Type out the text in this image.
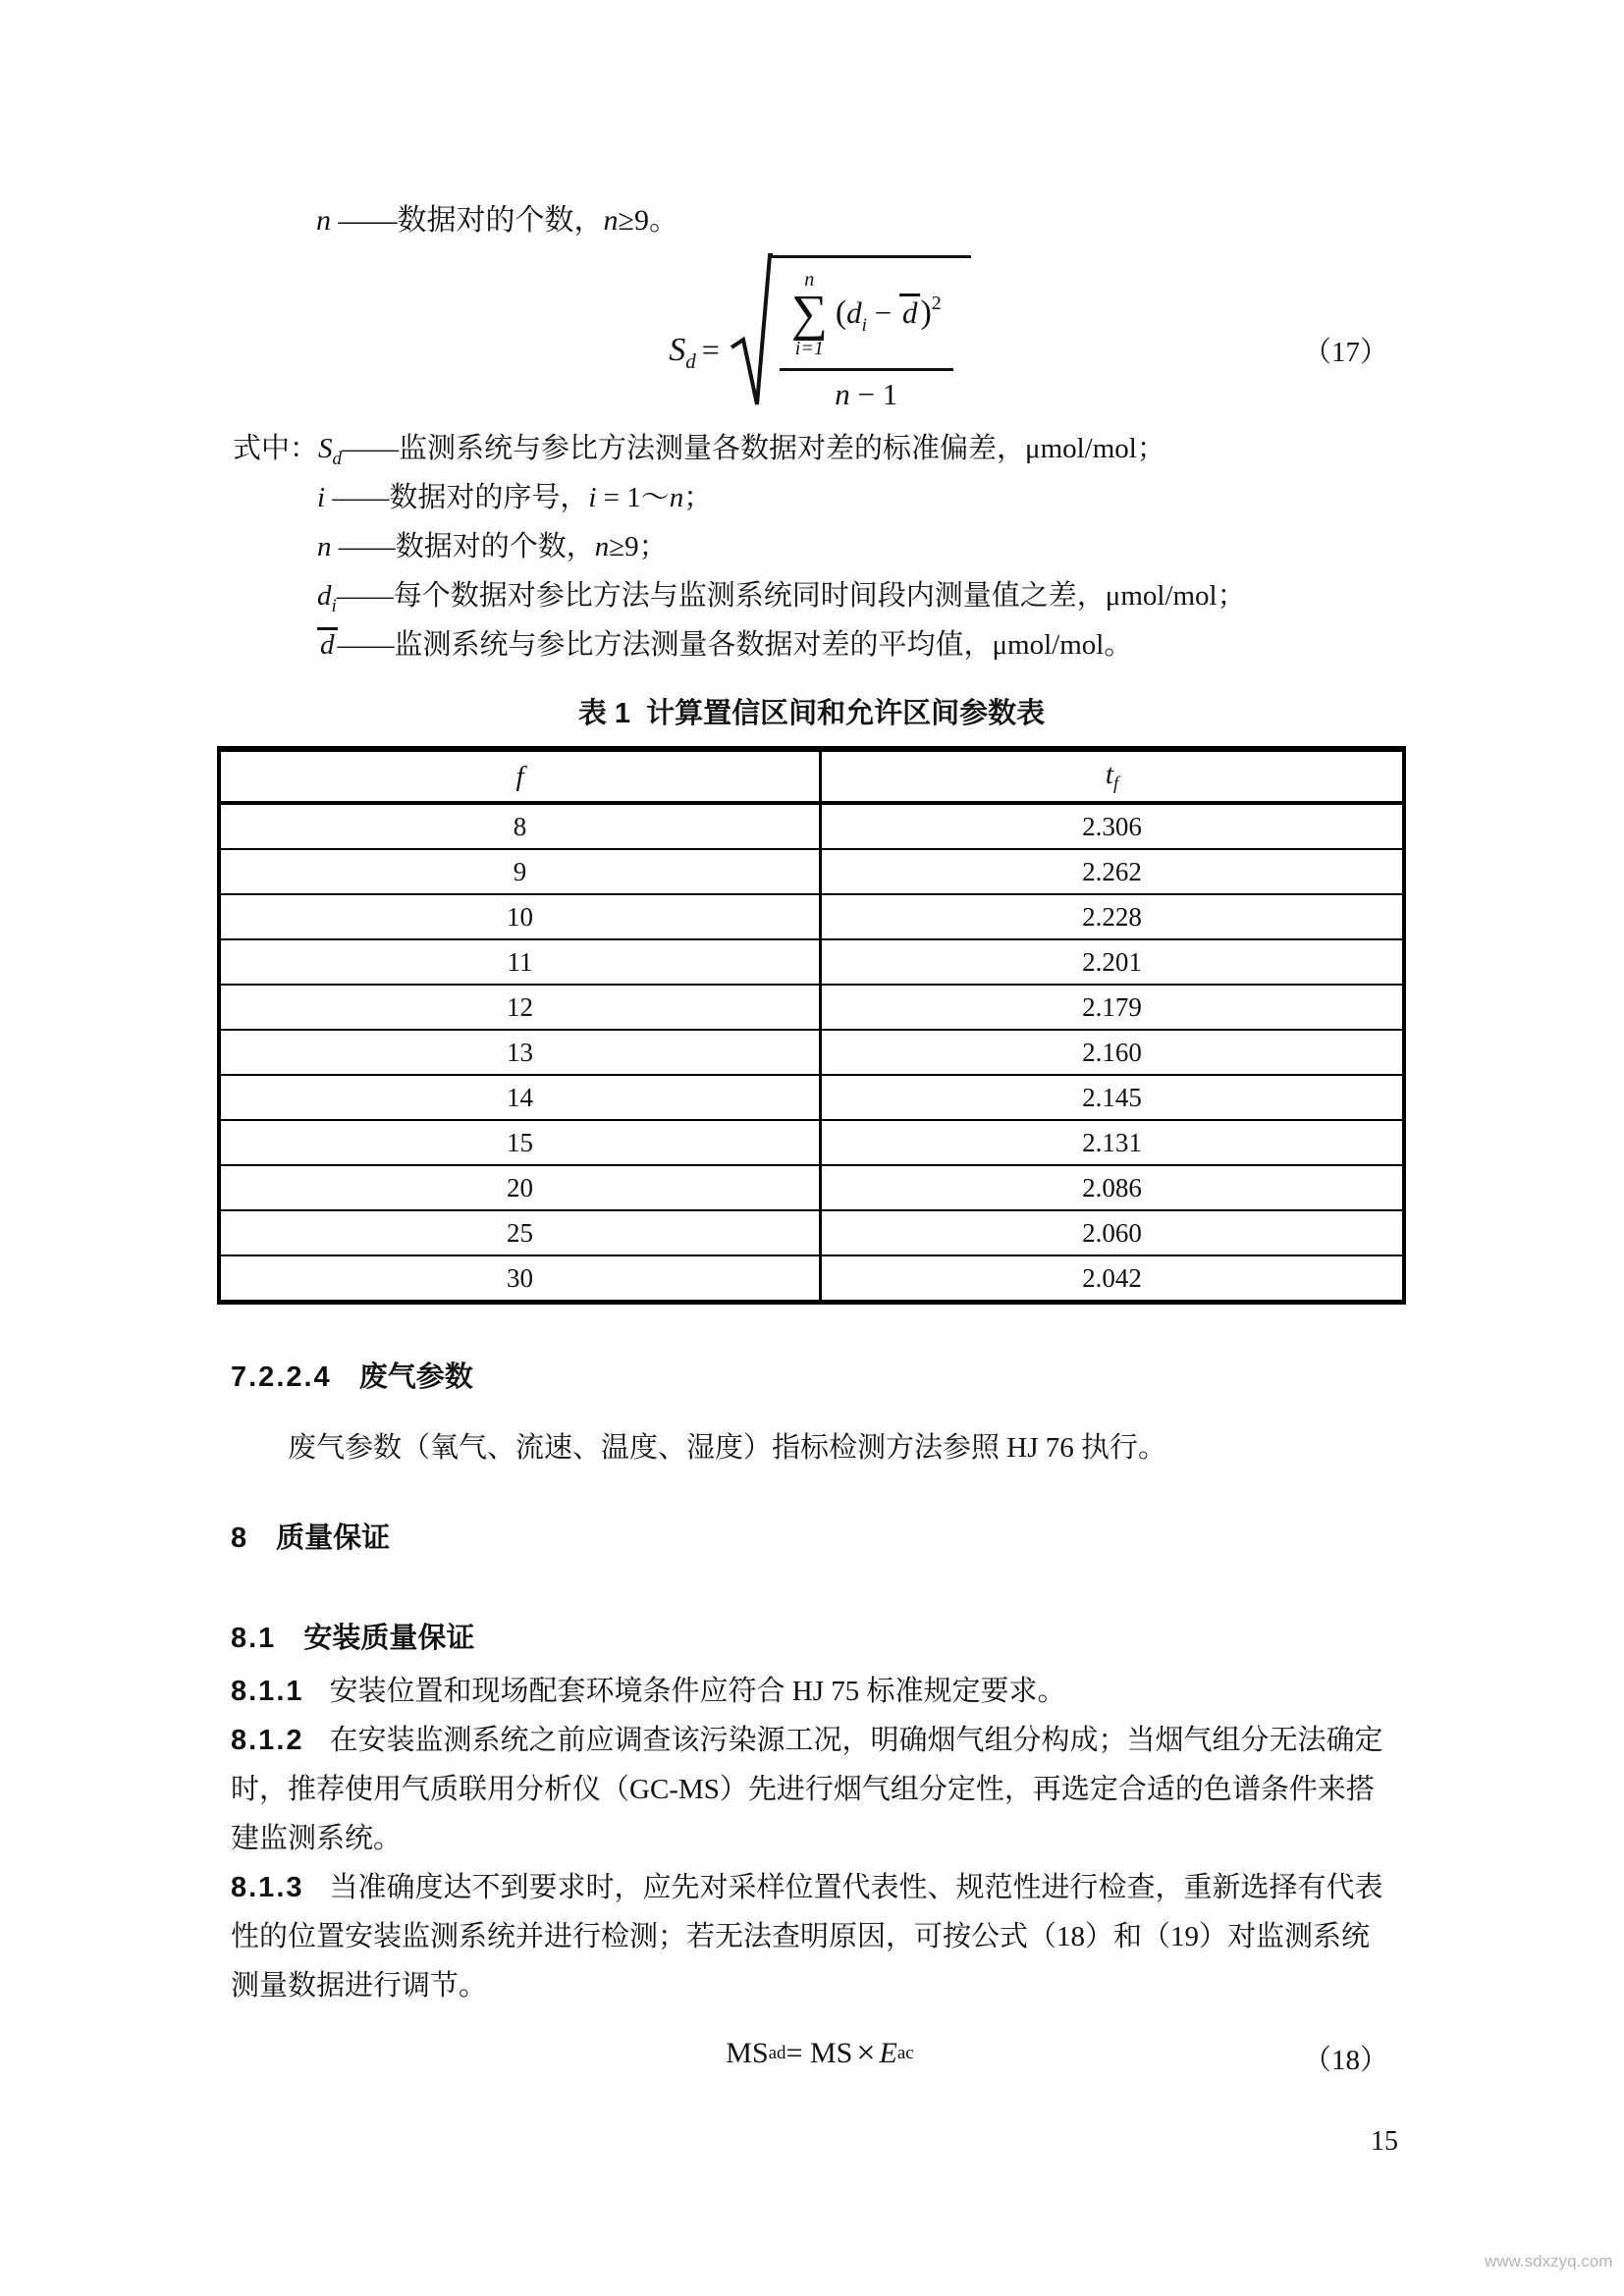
n ——数据对的个数，n≥9。
$S_d$ =
n
∑
i=1
$(d_i - d)^2$
n − 1
（17）
式中：$S_d——$监测系统与参比方法测量各数据对差的标准偏差，μmol/mol；
i ——数据对的序号，i = 1～n；
n ——数据对的个数，n≥9；
$d_i——$每个数据对参比方法与监测系统同时间段内测量值之差，μmol/mol；
d ——监测系统与参比方法测量各数据对差的平均值，μmol/mol。
表 1  计算置信区间和允许区间参数表
f	$t_f$
8	2.306
9	2.262
10	2.228
11	2.201
12	2.179
13	2.160
14	2.145
15	2.131
20	2.086
25	2.060
30	2.042
7.2.2.4 废气参数
废气参数（氧气、流速、温度、湿度）指标检测方法参照 HJ 76 执行。
8 质量保证
8.1 安装质量保证
8.1.1 安装位置和现场配套环境条件应符合 HJ 75 标准规定要求。
8.1.2 在安装监测系统之前应调查该污染源工况，明确烟气组分构成；当烟气组分无法确定
时，推荐使用气质联用分析仪（GC-MS）先进行烟气组分定性，再选定合适的色谱条件来搭
建监测系统。
8.1.3 当准确度达不到要求时，应先对采样位置代表性、规范性进行检查，重新选择有代表
性的位置安装监测系统并进行检测；若无法查明原因，可按公式（18）和（19）对监测系统
测量数据进行调节。
MS ad = MS × E ac	（18）
15
www.sdxzyq.com
